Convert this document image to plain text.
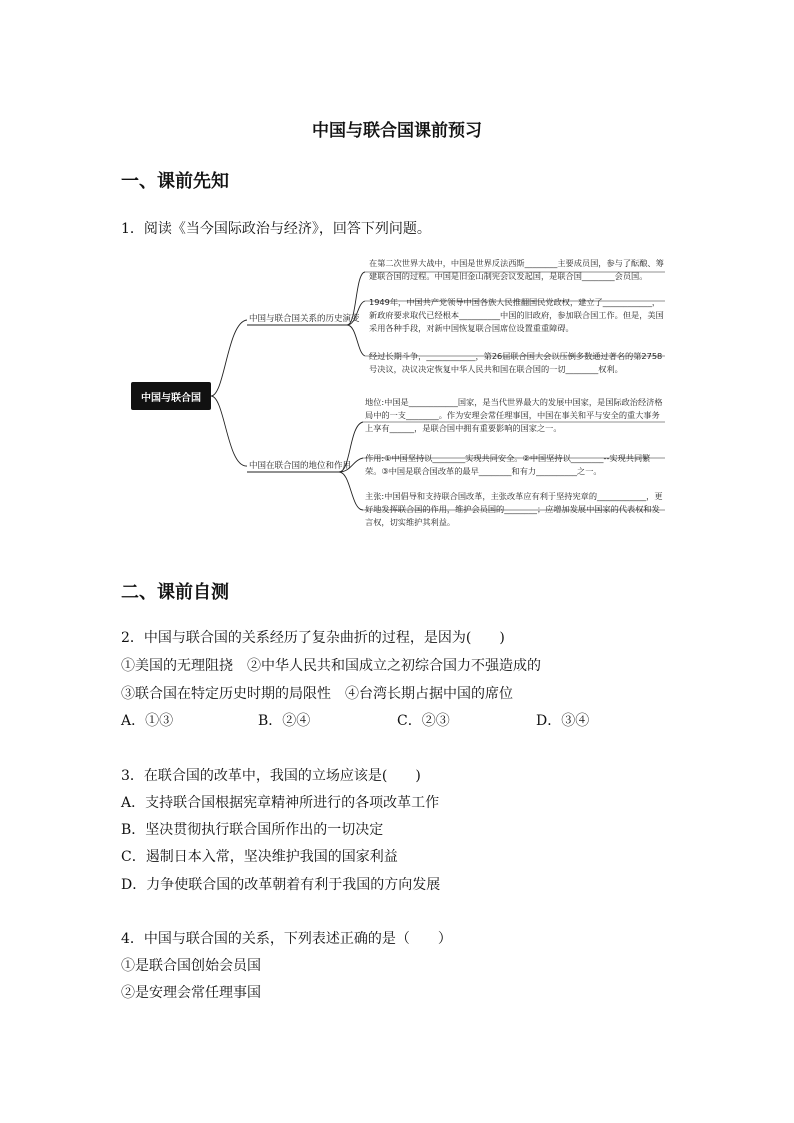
中国与联合国课前预习
一、课前先知
1．阅读《当今国际政治与经济》，回答下列问题。
中国与联合国
中国与联合国关系的历史演变
中国在联合国的地位和作用
在第二次世界大战中，中国是世界反法西斯________主要成员国，参与了酝酿、筹建联合国的过程。中国是旧金山制宪会议发起国，是联合国________会员国。
1949年，中国共产党领导中国各族人民推翻国民党政权，建立了____________，新政府要求取代已经根本__________中国的旧政府，参加联合国工作。但是，美国采用各种手段，对新中国恢复联合国席位设置重重障碍。
经过长期斗争，____________，第26届联合国大会以压倒多数通过著名的第2758号决议，决议决定恢复中华人民共和国在联合国的一切________权利。
地位:中国是____________国家，是当代世界最大的发展中国家，是国际政治经济格局中的一支________。作为安理会常任理事国，中国在事关和平与安全的重大事务上享有______，是联合国中拥有重要影响的国家之一。
作用:①中国坚持以________实现共同安全。②中国坚持以________--实现共同繁荣。③中国是联合国改革的最早________和有力__________之一。
主张:中国倡导和支持联合国改革，主张改革应有利于坚持宪章的____________，更好地发挥联合国的作用，维护会员国的________；应增加发展中国家的代表权和发言权，切实维护其利益。
二、课前自测
2．中国与联合国的关系经历了复杂曲折的过程，是因为(　　)
①美国的无理阻挠　②中华人民共和国成立之初综合国力不强造成的
③联合国在特定历史时期的局限性　④台湾长期占据中国的席位
A．①③	B．②④	C．②③	D．③④
3．在联合国的改革中，我国的立场应该是(　　)
A．支持联合国根据宪章精神所进行的各项改革工作
B．坚决贯彻执行联合国所作出的一切决定
C．遏制日本入常，坚决维护我国的国家利益
D．力争使联合国的改革朝着有利于我国的方向发展
4．中国与联合国的关系，下列表述正确的是（　　）
①是联合国创始会员国
②是安理会常任理事国
